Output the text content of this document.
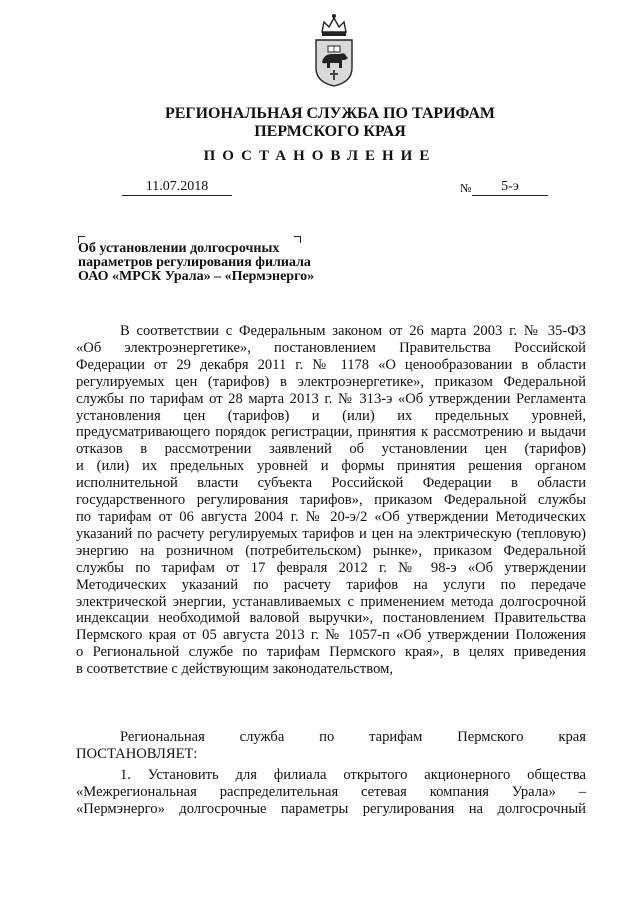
РЕГИОНАЛЬНАЯ СЛУЖБА ПО ТАРИФАМ
ПЕРМСКОГО КРАЯ
ПОСТАНОВЛЕНИЕ
11.07.2018	№	5-э
Об установлении долгосрочных
параметров регулирования филиала
ОАО «МРСК Урала» – «Пермэнерго»
В соответствии с Федеральным законом от 26 марта 2003 г. № 35-ФЗ
«Об электроэнергетике», постановлением Правительства Российской
Федерации от 29 декабря 2011 г. № 1178 «О ценообразовании в области
регулируемых цен (тарифов) в электроэнергетике», приказом Федеральной
службы по тарифам от 28 марта 2013 г. № 313-э «Об утверждении Регламента
установления цен (тарифов) и (или) их предельных уровней,
предусматривающего порядок регистрации, принятия к рассмотрению и выдачи
отказов в рассмотрении заявлений об установлении цен (тарифов)
и (или) их предельных уровней и формы принятия решения органом
исполнительной власти субъекта Российской Федерации в области
государственного регулирования тарифов», приказом Федеральной службы
по тарифам от 06 августа 2004 г. № 20-э/2 «Об утверждении Методических
указаний по расчету регулируемых тарифов и цен на электрическую (тепловую)
энергию на розничном (потребительском) рынке», приказом Федеральной
службы по тарифам от 17 февраля 2012 г. № 98-э «Об утверждении
Методических указаний по расчету тарифов на услуги по передаче
электрической энергии, устанавливаемых с применением метода долгосрочной
индексации необходимой валовой выручки», постановлением Правительства
Пермского края от 05 августа 2013 г. № 1057-п «Об утверждении Положения
о Региональной службе по тарифам Пермского края», в целях приведения
в соответствие с действующим законодательством,
Региональная служба по тарифам Пермского края
ПОСТАНОВЛЯЕТ:
1. Установить для филиала открытого акционерного общества
«Межрегиональная распределительная сетевая компания Урала» –
«Пермэнерго» долгосрочные параметры регулирования на долгосрочный
